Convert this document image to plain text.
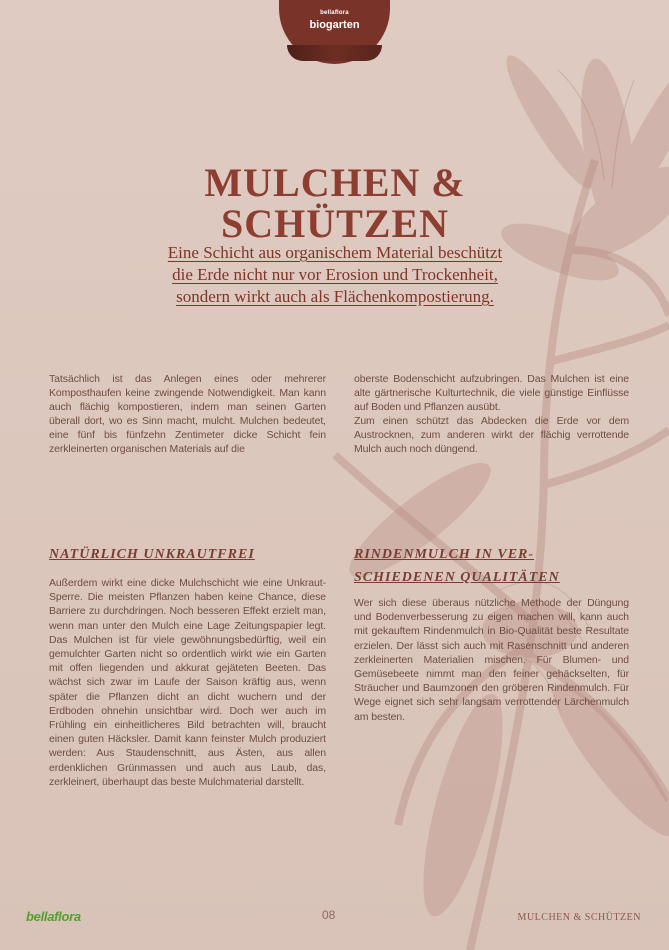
bellaflora
biogarten
MULCHEN &
SCHÜTZEN
Eine Schicht aus organischem Material beschützt
die Erde nicht nur vor Erosion und Trockenheit,
sondern wirkt auch als Flächenkompostierung.
Tatsächlich ist das Anlegen eines oder mehrerer Komposthaufen keine zwingende Notwendigkeit. Man kann auch flächig kompostieren, indem man seinen Garten überall dort, wo es Sinn macht, mulcht. Mulchen bedeutet, eine fünf bis fünfzehn Zentimeter dicke Schicht fein zerkleinerten organischen Materials auf die

oberste Bodenschicht aufzubringen. Das Mulchen ist eine alte gärtnerische Kulturtechnik, die viele günstige Einflüsse auf Boden und Pflanzen ausübt.

Zum einen schützt das Abdecken die Erde vor dem Austrocknen, zum anderen wirkt der flächig verrottende Mulch auch noch düngend.

NATÜRLICH UNKRAUTFREI	RINDENMULCH IN VER-
SCHIEDENEN QUALITÄTEN
Außerdem wirkt eine dicke Mulchschicht wie eine Unkraut-Sperre. Die meisten Pflanzen haben keine Chance, diese Barriere zu durchdringen. Noch besseren Effekt erzielt man, wenn man unter den Mulch eine Lage Zeitungspapier legt. Das Mulchen ist für viele gewöhnungsbedürftig, weil ein gemulchter Garten nicht so ordentlich wirkt wie ein Garten mit offen liegenden und akkurat gejäteten Beeten. Das wächst sich zwar im Laufe der Saison kräftig aus, wenn später die Pflanzen dicht an dicht wuchern und der Erdboden ohnehin unsichtbar wird. Doch wer auch im Frühling ein einheitlicheres Bild betrachten will, braucht einen guten Häcksler. Damit kann feinster Mulch produziert werden: Aus Staudenschnitt, aus Ästen, aus allen erdenklichen Grünmassen und auch aus Laub, das, zerkleinert, überhaupt das beste Mulchmaterial darstellt.
Wer sich diese überaus nützliche Methode der Düngung und Bodenverbesserung zu eigen machen will, kann auch mit gekauftem Rindenmulch in Bio-Qualität beste Resultate erzielen. Der lässt sich auch mit Rasenschnitt und anderen zerkleinerten Materialien mischen. Für Blumen- und Gemüsebeete nimmt man den feiner gehäckselten, für Sträucher und Baumzonen den gröberen Rindenmulch. Für Wege eignet sich sehr langsam verrottender Lärchenmulch am besten.
bellaflora	08	MULCHEN & SCHÜTZEN
